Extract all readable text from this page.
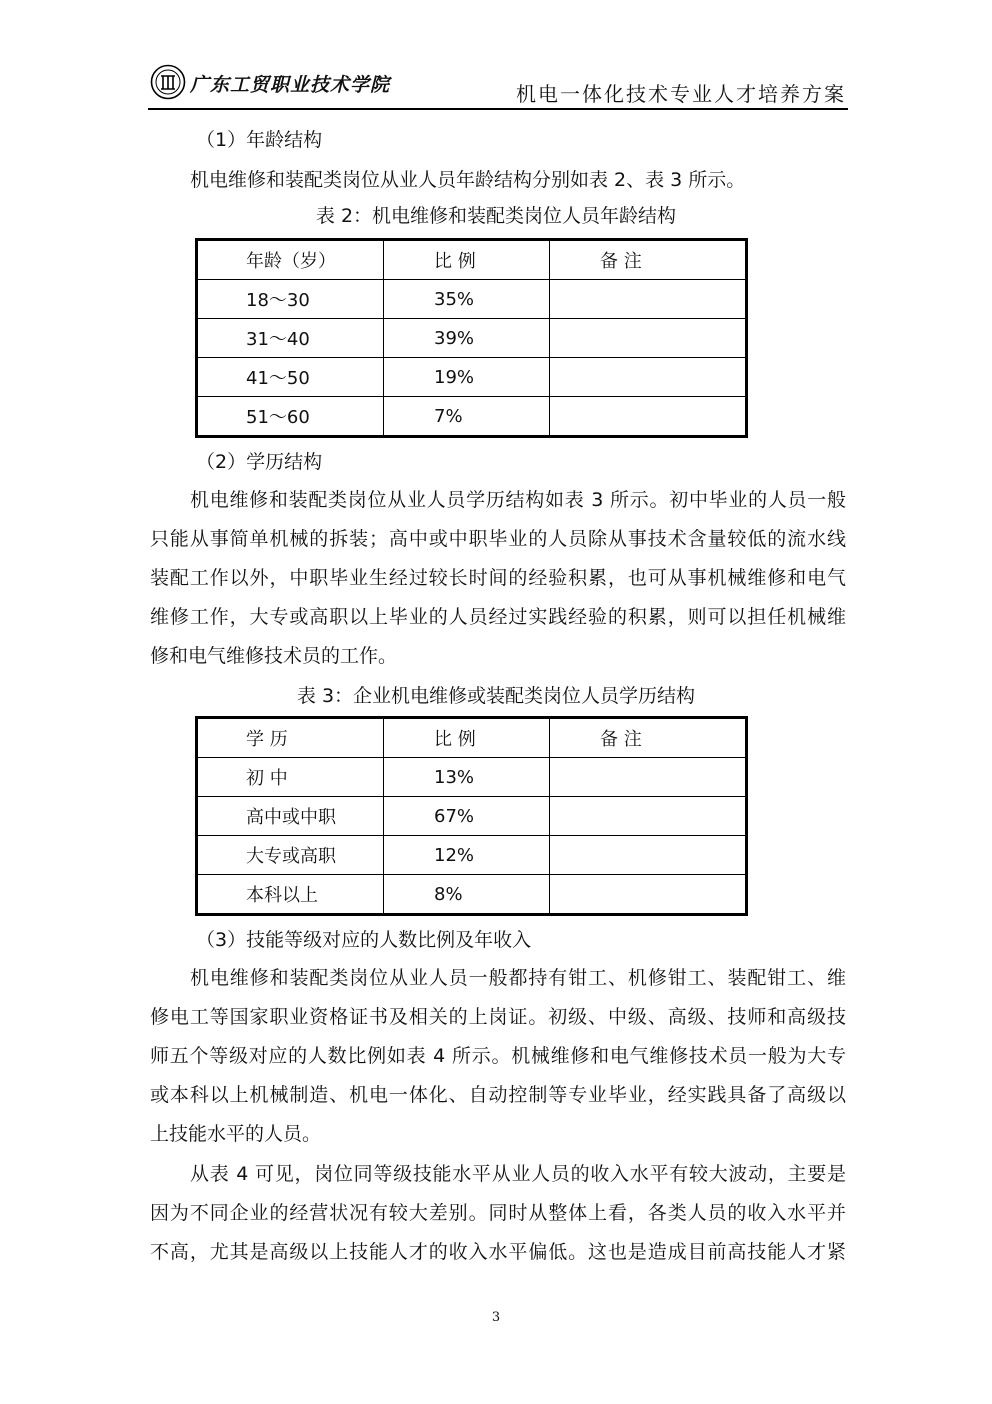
广东工贸职业技术学院	机电一体化技术专业人才培养方案
（1）年龄结构
机电维修和装配类岗位从业人员年龄结构分别如表 2、表 3 所示。
表 2：机电维修和装配类岗位人员年龄结构
年龄（岁）	比 例	备 注
18～30	35%	
31～40	39%	
41～50	19%	
51～60	7%	
（2）学历结构
机电维修和装配类岗位从业人员学历结构如表 3 所示。初中毕业的人员一般
只能从事简单机械的拆装；高中或中职毕业的人员除从事技术含量较低的流水线
装配工作以外，中职毕业生经过较长时间的经验积累，也可从事机械维修和电气
维修工作，大专或高职以上毕业的人员经过实践经验的积累，则可以担任机械维
修和电气维修技术员的工作。
表 3：企业机电维修或装配类岗位人员学历结构
学 历	比 例	备 注
初 中	13%	
高中或中职	67%	
大专或高职	12%	
本科以上	8%	
（3）技能等级对应的人数比例及年收入
机电维修和装配类岗位从业人员一般都持有钳工、机修钳工、装配钳工、维
修电工等国家职业资格证书及相关的上岗证。初级、中级、高级、技师和高级技
师五个等级对应的人数比例如表 4 所示。机械维修和电气维修技术员一般为大专
或本科以上机械制造、机电一体化、自动控制等专业毕业，经实践具备了高级以
上技能水平的人员。
从表 4 可见，岗位同等级技能水平从业人员的收入水平有较大波动，主要是
因为不同企业的经营状况有较大差别。同时从整体上看，各类人员的收入水平并
不高，尤其是高级以上技能人才的收入水平偏低。这也是造成目前高技能人才紧
3
